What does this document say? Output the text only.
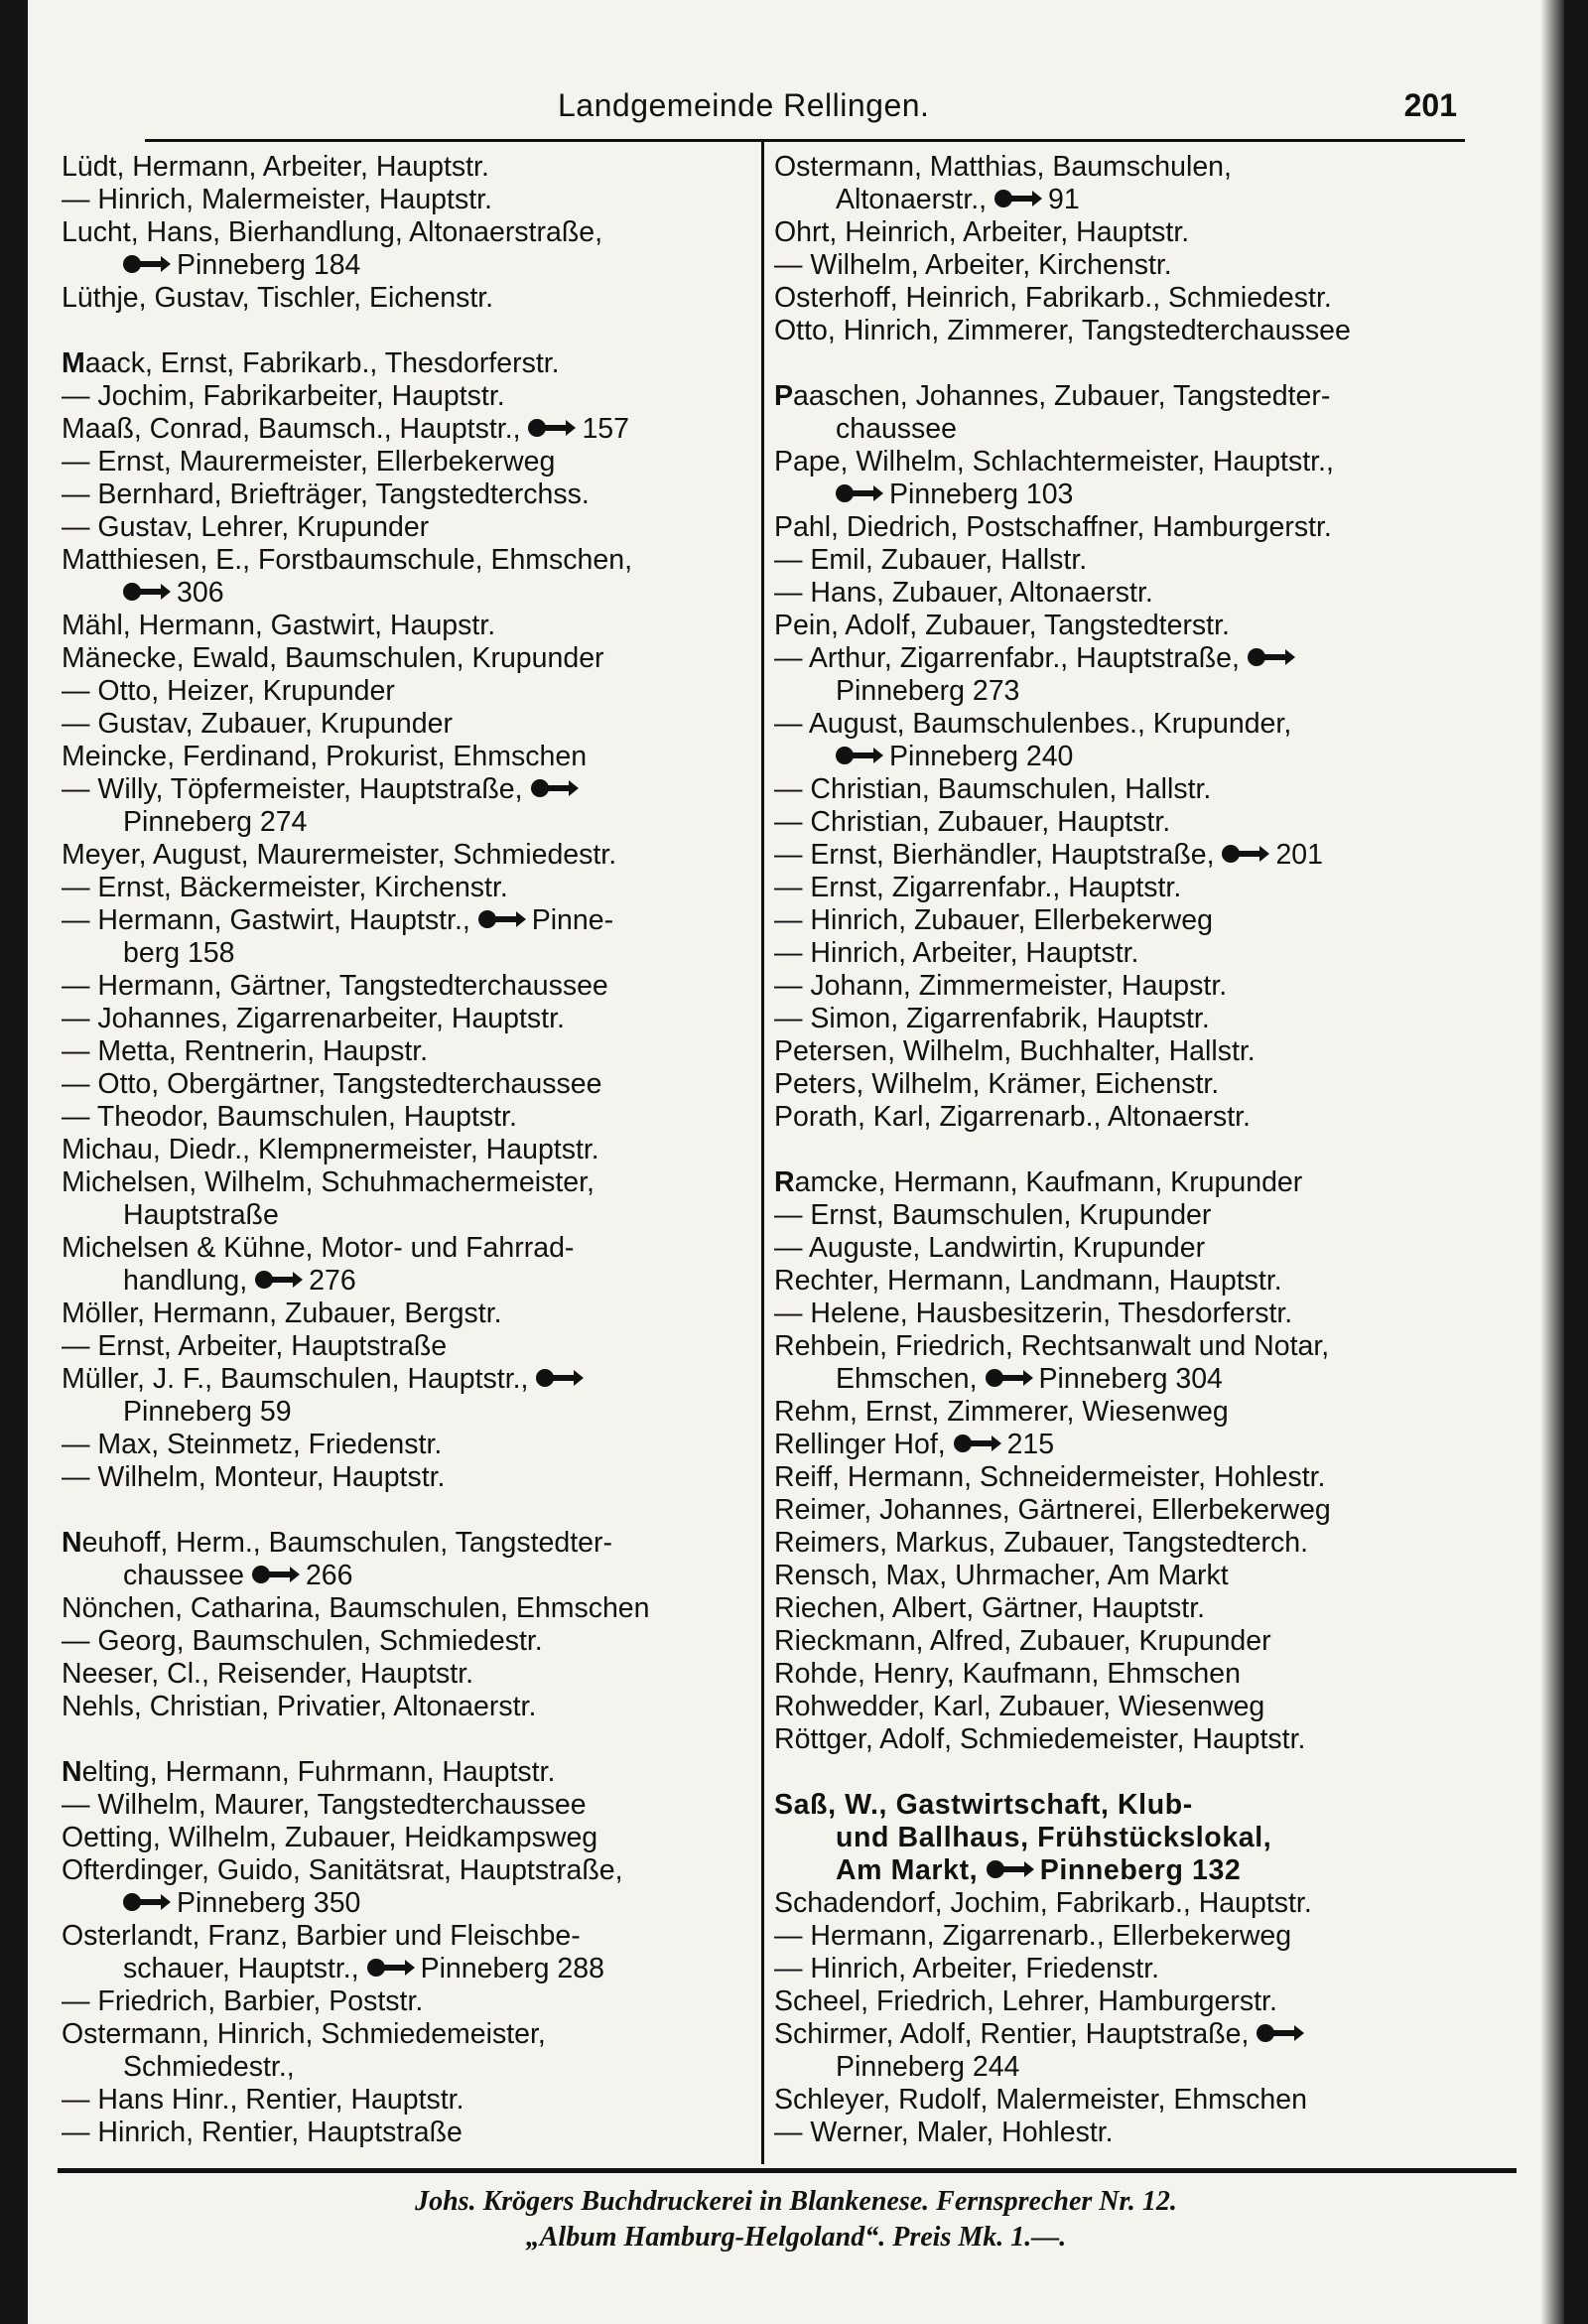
Landgemeinde Rellingen.	201
Lüdt, Hermann, Arbeiter, Hauptstr.
— Hinrich, Malermeister, Hauptstr.
Lucht, Hans, Bierhandlung, Altonaerstraße,
Pinneberg 184
Lüthje, Gustav, Tischler, Eichenstr.
Maack, Ernst, Fabrikarb., Thesdorferstr.
— Jochim, Fabrikarbeiter, Hauptstr.
Maaß, Conrad, Baumsch., Hauptstr., 157
— Ernst, Maurermeister, Ellerbekerweg
— Bernhard, Briefträger, Tangstedterchss.
— Gustav, Lehrer, Krupunder
Matthiesen, E., Forstbaumschule, Ehmschen,
306
Mähl, Hermann, Gastwirt, Haupstr.
Mänecke, Ewald, Baumschulen, Krupunder
— Otto, Heizer, Krupunder
— Gustav, Zubauer, Krupunder
Meincke, Ferdinand, Prokurist, Ehmschen
— Willy, Töpfermeister, Hauptstraße,
Pinneberg 274
Meyer, August, Maurermeister, Schmiedestr.
— Ernst, Bäckermeister, Kirchenstr.
— Hermann, Gastwirt, Hauptstr., Pinne-
berg 158
— Hermann, Gärtner, Tangstedterchaussee
— Johannes, Zigarrenarbeiter, Hauptstr.
— Metta, Rentnerin, Haupstr.
— Otto, Obergärtner, Tangstedterchaussee
— Theodor, Baumschulen, Hauptstr.
Michau, Diedr., Klempnermeister, Hauptstr.
Michelsen, Wilhelm, Schuhmachermeister,
Hauptstraße
Michelsen & Kühne, Motor- und Fahrrad-
handlung, 276
Möller, Hermann, Zubauer, Bergstr.
— Ernst, Arbeiter, Hauptstraße
Müller, J. F., Baumschulen, Hauptstr.,
Pinneberg 59
— Max, Steinmetz, Friedenstr.
— Wilhelm, Monteur, Hauptstr.
Neuhoff, Herm., Baumschulen, Tangstedter-
chaussee 266
Nönchen, Catharina, Baumschulen, Ehmschen
— Georg, Baumschulen, Schmiedestr.
Neeser, Cl., Reisender, Hauptstr.
Nehls, Christian, Privatier, Altonaerstr.
Nelting, Hermann, Fuhrmann, Hauptstr.
— Wilhelm, Maurer, Tangstedterchaussee
Oetting, Wilhelm, Zubauer, Heidkampsweg
Ofterdinger, Guido, Sanitätsrat, Hauptstraße,
Pinneberg 350
Osterlandt, Franz, Barbier und Fleischbe-
schauer, Hauptstr., Pinneberg 288
— Friedrich, Barbier, Poststr.
Ostermann, Hinrich, Schmiedemeister,
Schmiedestr.,
— Hans Hinr., Rentier, Hauptstr.
— Hinrich, Rentier, Hauptstraße
Ostermann, Matthias, Baumschulen,
Altonaerstr., 91
Ohrt, Heinrich, Arbeiter, Hauptstr.
— Wilhelm, Arbeiter, Kirchenstr.
Osterhoff, Heinrich, Fabrikarb., Schmiedestr.
Otto, Hinrich, Zimmerer, Tangstedterchaussee
Paaschen, Johannes, Zubauer, Tangstedter-
chaussee
Pape, Wilhelm, Schlachtermeister, Hauptstr.,
Pinneberg 103
Pahl, Diedrich, Postschaffner, Hamburgerstr.
— Emil, Zubauer, Hallstr.
— Hans, Zubauer, Altonaerstr.
Pein, Adolf, Zubauer, Tangstedterstr.
— Arthur, Zigarrenfabr., Hauptstraße,
Pinneberg 273
— August, Baumschulenbes., Krupunder,
Pinneberg 240
— Christian, Baumschulen, Hallstr.
— Christian, Zubauer, Hauptstr.
— Ernst, Bierhändler, Hauptstraße, 201
— Ernst, Zigarrenfabr., Hauptstr.
— Hinrich, Zubauer, Ellerbekerweg
— Hinrich, Arbeiter, Hauptstr.
— Johann, Zimmermeister, Haupstr.
— Simon, Zigarrenfabrik, Hauptstr.
Petersen, Wilhelm, Buchhalter, Hallstr.
Peters, Wilhelm, Krämer, Eichenstr.
Porath, Karl, Zigarrenarb., Altonaerstr.
Ramcke, Hermann, Kaufmann, Krupunder
— Ernst, Baumschulen, Krupunder
— Auguste, Landwirtin, Krupunder
Rechter, Hermann, Landmann, Hauptstr.
— Helene, Hausbesitzerin, Thesdorferstr.
Rehbein, Friedrich, Rechtsanwalt und Notar,
Ehmschen, Pinneberg 304
Rehm, Ernst, Zimmerer, Wiesenweg
Rellinger Hof, 215
Reiff, Hermann, Schneidermeister, Hohlestr.
Reimer, Johannes, Gärtnerei, Ellerbekerweg
Reimers, Markus, Zubauer, Tangstedterch.
Rensch, Max, Uhrmacher, Am Markt
Riechen, Albert, Gärtner, Hauptstr.
Rieckmann, Alfred, Zubauer, Krupunder
Rohde, Henry, Kaufmann, Ehmschen
Rohwedder, Karl, Zubauer, Wiesenweg
Röttger, Adolf, Schmiedemeister, Hauptstr.
Saß, W., Gastwirtschaft, Klub-
und Ballhaus, Frühstückslokal,
Am Markt, Pinneberg 132
Schadendorf, Jochim, Fabrikarb., Hauptstr.
— Hermann, Zigarrenarb., Ellerbekerweg
— Hinrich, Arbeiter, Friedenstr.
Scheel, Friedrich, Lehrer, Hamburgerstr.
Schirmer, Adolf, Rentier, Hauptstraße,
Pinneberg 244
Schleyer, Rudolf, Malermeister, Ehmschen
— Werner, Maler, Hohlestr.
Johs. Krögers Buchdruckerei in Blankenese. Fernsprecher Nr. 12.
„Album Hamburg-Helgoland“. Preis Mk. 1.—.
